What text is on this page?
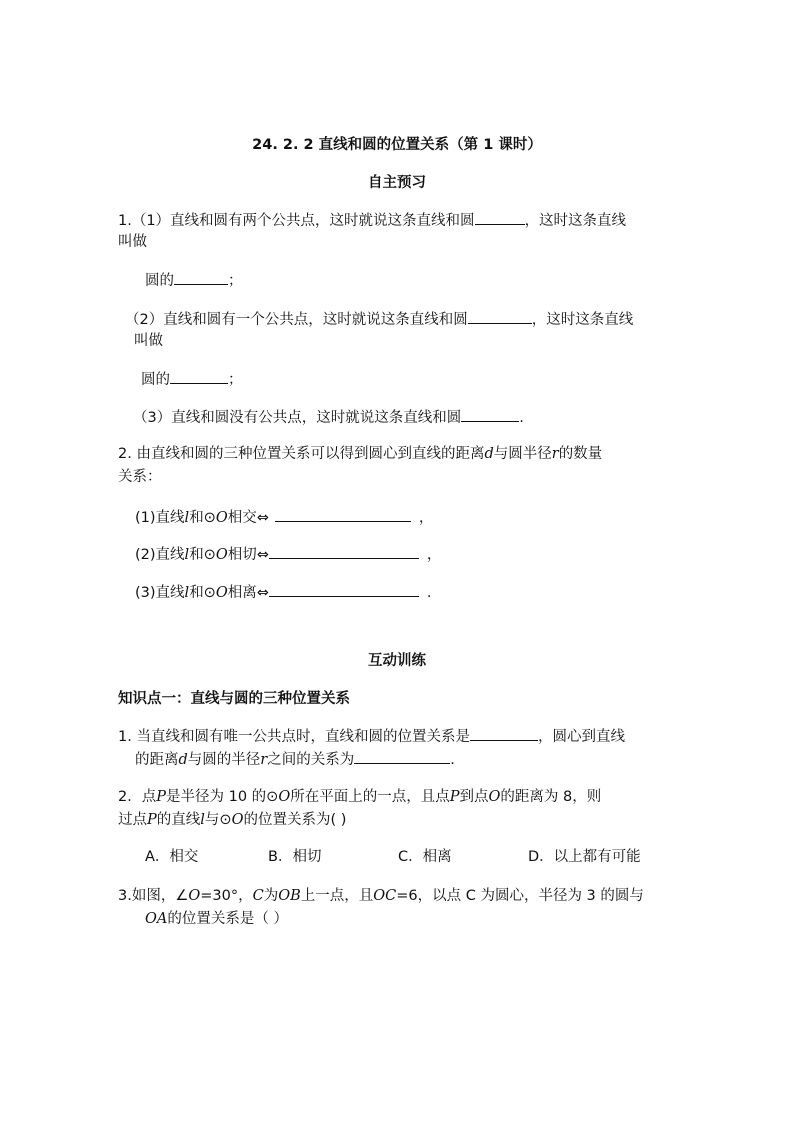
24. 2. 2 直线和圆的位置关系（第 1 课时）
自主预习
1.（1）直线和圆有两个公共点，这时就说这条直线和圆	，这时这条直线
叫做
圆的	；
（2）直线和圆有一个公共点，这时就说这条直线和圆	，这时这条直线
叫做
圆的	；
（3）直线和圆没有公共点，这时就说这条直线和圆	.
2. 由直线和圆的三种位置关系可以得到圆心到直线的距离d与圆半径r的数量
关系：
(1)直线l和⊙O相交⇔	，
(2)直线l和⊙O相切⇔	，
(3)直线l和⊙O相离⇔	.
互动训练
知识点一：直线与圆的三种位置关系
1. 当直线和圆有唯一公共点时，直线和圆的位置关系是	，圆心到直线
的距离d与圆的半径r之间的关系为	.
2．点P是半径为 10 的⊙O所在平面上的一点，且点P到点O的距离为 8，则
过点P的直线l与⊙O的位置关系为( )
A．相交	B．相切	C．相离	D．以上都有可能
3.如图，∠O=30°，C为OB上一点，且OC=6，以点 C 为圆心，半径为 3 的圆与
OA的位置关系是（ ）
